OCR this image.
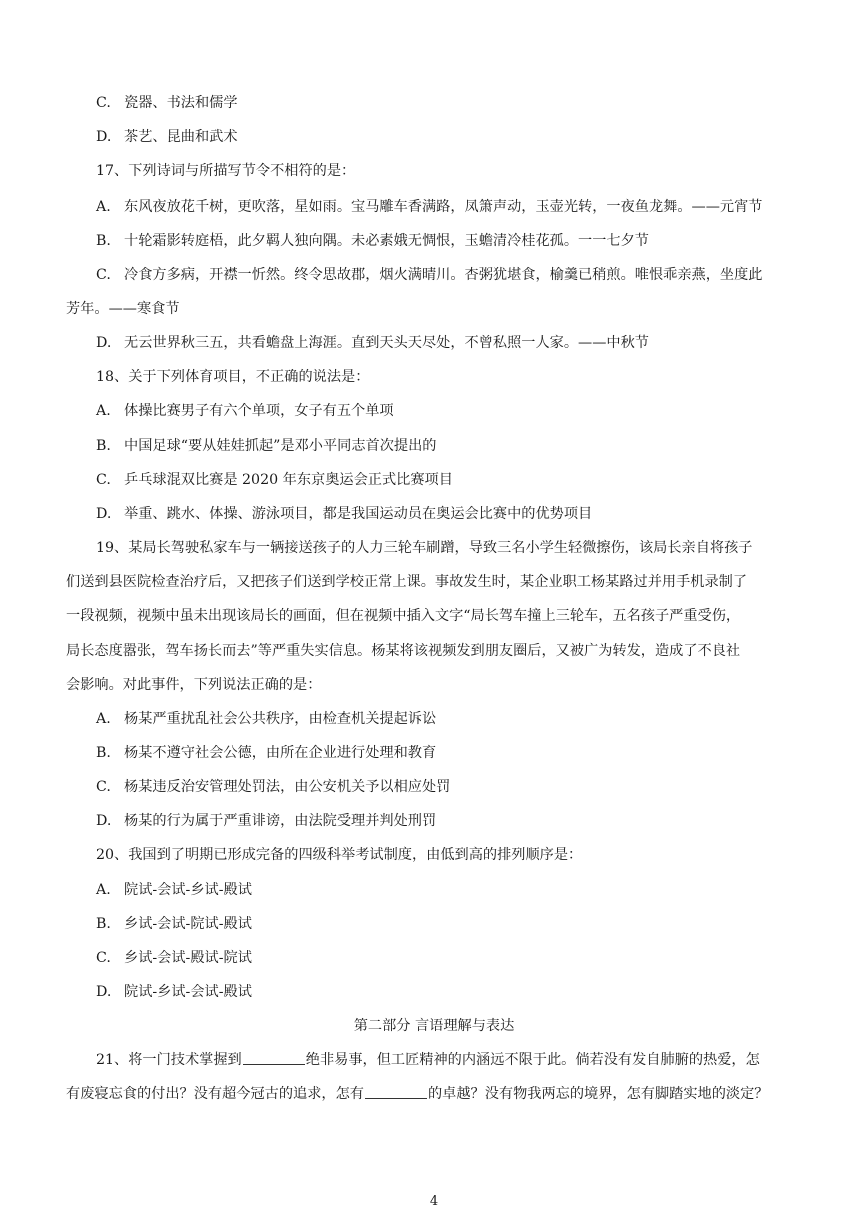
C. 瓷器、书法和儒学
D. 茶艺、昆曲和武术
17、下列诗词与所描写节令不相符的是：
A. 东风夜放花千树，更吹落，星如雨。宝马雕车香满路，凤箫声动，玉壶光转，一夜鱼龙舞。——元宵节
B. 十轮霜影转庭梧，此夕羁人独向隅。未必素娥无惆恨，玉蟾清冷桂花孤。一一七夕节
C. 冷食方多病，开襟一忻然。终令思故郡，烟火满晴川。杏粥犹堪食，榆羹已稍煎。唯恨乖亲燕，坐度此
芳年。——寒食节
D. 无云世界秋三五，共看蟾盘上海涯。直到天头天尽处，不曾私照一人家。——中秋节
18、关于下列体育项目，不正确的说法是：
A. 体操比赛男子有六个单项，女子有五个单项
B. 中国足球“要从娃娃抓起”是邓小平同志首次提出的
C. 乒乓球混双比赛是 2020 年东京奥运会正式比赛项目
D. 举重、跳水、体操、游泳项目，都是我国运动员在奥运会比赛中的优势项目
19、某局长驾驶私家车与一辆接送孩子的人力三轮车刷蹭，导致三名小学生轻微擦伤，该局长亲自将孩子
们送到县医院检查治疗后，又把孩子们送到学校正常上课。事故发生时，某企业职工杨某路过并用手机录制了
一段视频，视频中虽未出现该局长的画面，但在视频中插入文字“局长驾车撞上三轮车，五名孩子严重受伤，
局长态度嚣张，驾车扬长而去”等严重失实信息。杨某将该视频发到朋友圈后，又被广为转发，造成了不良社
会影响。对此事件，下列说法正确的是：
A. 杨某严重扰乱社会公共秩序，由检查机关提起诉讼
B. 杨某不遵守社会公德，由所在企业进行处理和教育
C. 杨某违反治安管理处罚法，由公安机关予以相应处罚
D. 杨某的行为属于严重诽谤，由法院受理并判处刑罚
20、我国到了明期已形成完备的四级科举考试制度，由低到高的排列顺序是：
A. 院试-会试-乡试-殿试
B. 乡试-会试-院试-殿试
C. 乡试-会试-殿试-院试
D. 院试-乡试-会试-殿试
第二部分 言语理解与表达
21、将一门技术掌握到	绝非易事，但工匠精神的内涵远不限于此。倘若没有发自肺腑的热爱，怎
有废寝忘食的付出？没有超今冠古的追求，怎有	的卓越？没有物我两忘的境界，怎有脚踏实地的淡定？
4
